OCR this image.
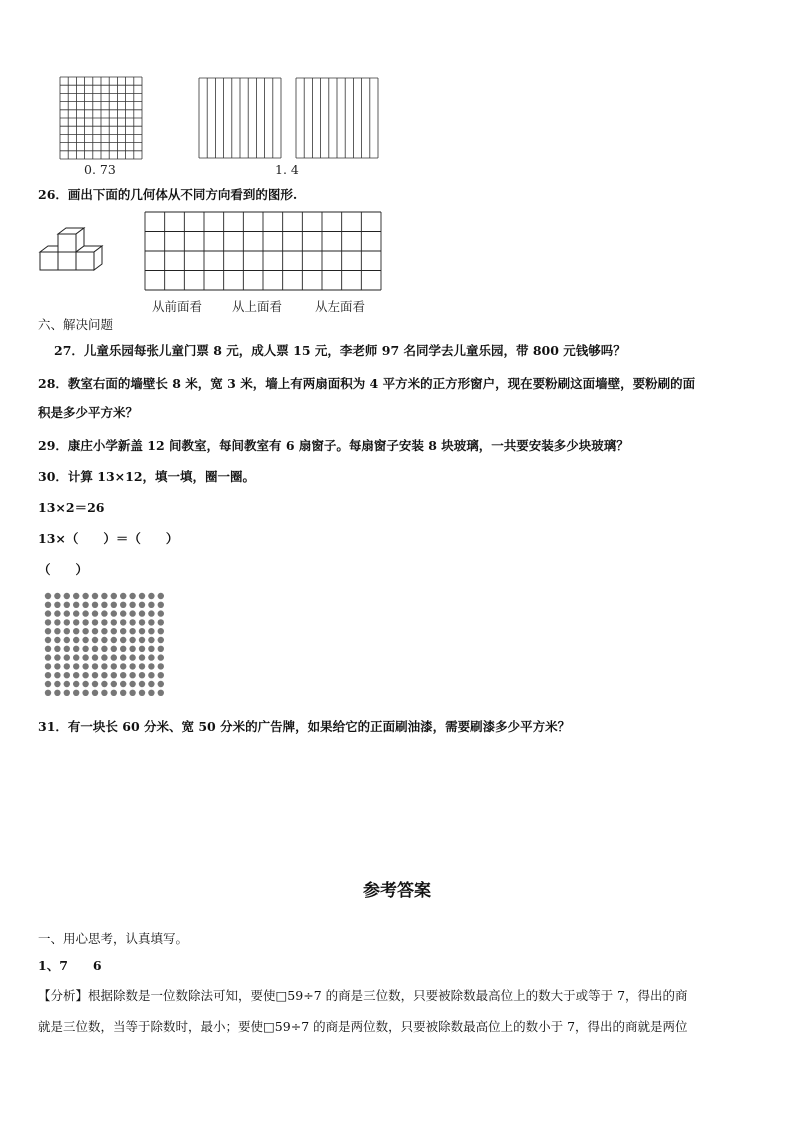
0. 73	1. 4
26．画出下面的几何体从不同方向看到的图形.
从前面看 从上面看	从左面看
六、解决问题
27．儿童乐园每张儿童门票 8 元，成人票 15 元，李老师 97 名同学去儿童乐园，带 800 元钱够吗？
28．教室右面的墙壁长 8 米，宽 3 米，墙上有两扇面积为 4 平方米的正方形窗户，现在要粉刷这面墙壁，要粉刷的面
积是多少平方米？
29．康庄小学新盖 12 间教室，每间教室有 6 扇窗子。每扇窗子安装 8 块玻璃，一共要安装多少块玻璃？
30．计算 13×12，填一填，圈一圈。
13×2＝26
13×（　　）＝（　　）
（　　）
31．有一块长 60 分米、宽 50 分米的广告牌，如果给它的正面刷油漆，需要刷漆多少平方米？
参考答案
一、用心思考，认真填写。
1、7　　6
【分析】根据除数是一位数除法可知，要使□59÷7 的商是三位数，只要被除数最高位上的数大于或等于 7，得出的商
就是三位数，当等于除数时，最小；要使□59÷7 的商是两位数，只要被除数最高位上的数小于 7，得出的商就是两位
